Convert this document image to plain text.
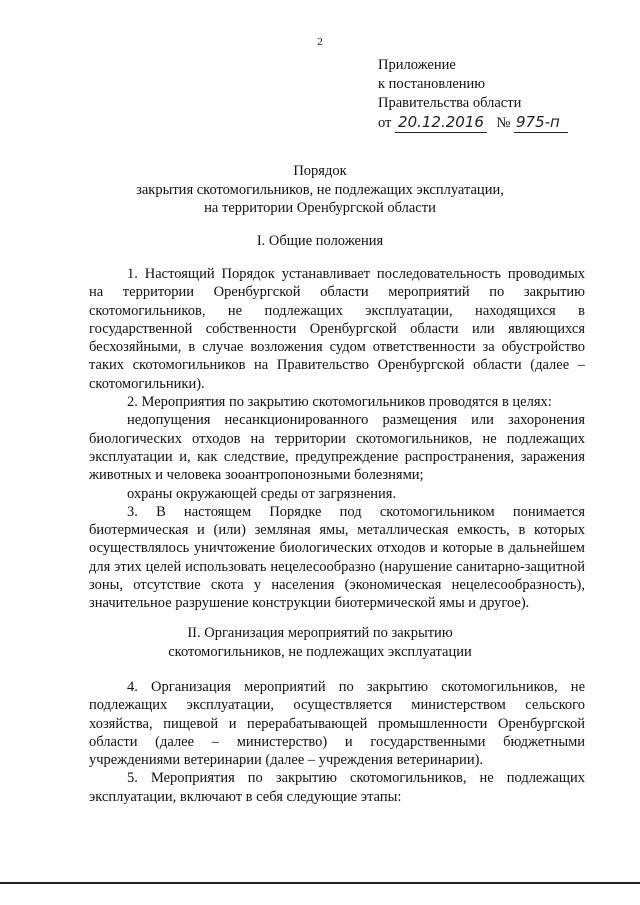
2
Приложение
к постановлению
Правительства области
от 20.12.2016 № 975-п
Порядок
закрытия скотомогильников, не подлежащих эксплуатации,
на территории Оренбургской области
I. Общие положения

1. Настоящий Порядок устанавливает последовательность проводимых на территории Оренбургской области мероприятий по закрытию скотомогильников, не подлежащих эксплуатации, находящихся в государственной собственности Оренбургской области или являющихся бесхозяйными, в случае возложения судом ответственности за обустройство таких скотомогильников на Правительство Оренбургской области (далее – скотомогильники).

2. Мероприятия по закрытию скотомогильников проводятся в целях:

недопущения несанкционированного размещения или захоронения биологических отходов на территории скотомогильников, не подлежащих эксплуатации и, как следствие, предупреждение распространения, заражения животных и человека зооантропонозными болезнями;

охраны окружающей среды от загрязнения.

3. В настоящем Порядке под скотомогильником понимается биотермическая и (или) земляная ямы, металлическая емкость, в которых осуществлялось уничтожение биологических отходов и которые в дальнейшем для этих целей использовать нецелесообразно (нарушение санитарно-защитной зоны, отсутствие скота у населения (экономическая нецелесообразность), значительное разрушение конструкции биотермической ямы и другое).

II. Организация мероприятий по закрытию
скотомогильников, не подлежащих эксплуатации

4. Организация мероприятий по закрытию скотомогильников, не подлежащих эксплуатации, осуществляется министерством сельского хозяйства, пищевой и перерабатывающей промышленности Оренбургской области (далее – министерство) и государственными бюджетными учреждениями ветеринарии (далее – учреждения ветеринарии).

5. Мероприятия по закрытию скотомогильников, не подлежащих эксплуатации, включают в себя следующие этапы:
